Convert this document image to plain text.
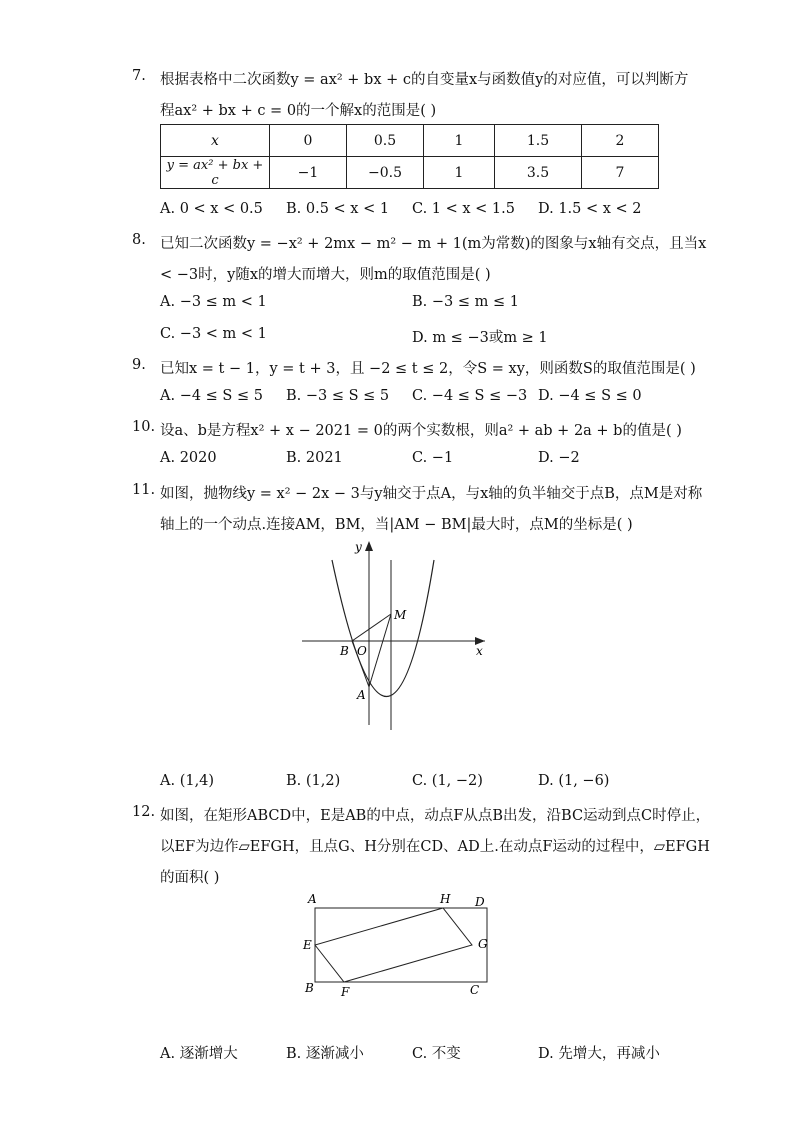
7. 根据表格中二次函数y = ax² + bx + c的自变量x与函数值y的对应值，可以判断方
程ax² + bx + c = 0的一个解x的范围是( )
x	0	0.5	1	1.5	2
y = ax² + bx + c	−1	−0.5	1	3.5	7
A. 0 < x < 0.5 B. 0.5 < x < 1 C. 1 < x < 1.5 D. 1.5 < x < 2
8. 已知二次函数y = −x² + 2mx − m² − m + 1(m为常数)的图象与x轴有交点，且当x
< −3时，y随x的增大而增大，则m的取值范围是( )
A. −3 ≤ m < 1	B. −3 ≤ m ≤ 1
C. −3 < m < 1	D. m ≤ −3或m ≥ 1
9. 已知x = t − 1，y = t + 3，且 −2 ≤ t ≤ 2，令S = xy，则函数S的取值范围是( )
A. −4 ≤ S ≤ 5 B. −3 ≤ S ≤ 5 C. −4 ≤ S ≤ −3 D. −4 ≤ S ≤ 0
10. 设a、b是方程x² + x − 2021 = 0的两个实数根，则a² + ab + 2a + b的值是( )
A. 2020	B. 2021	C. −1	D. −2
11. 如图，抛物线y = x² − 2x − 3与y轴交于点A，与x轴的负半轴交于点B，点M是对称
轴上的一个动点.连接AM，BM，当|AM − BM|最大时，点M的坐标是( )
y
x
M
B O
A
A. (1,4)	B. (1,2)	C. (1, −2)	D. (1, −6)
12. 如图，在矩形ABCD中，E是AB的中点，动点F从点B出发，沿BC运动到点C时停止，
以EF为边作▱EFGH，且点G、H分别在CD、AD上.在动点F运动的过程中，▱EFGH
的面积( )
A	H D
E	G
B F	C
A. 逐渐增大	B. 逐渐减小	C. 不变	D. 先增大，再减小
